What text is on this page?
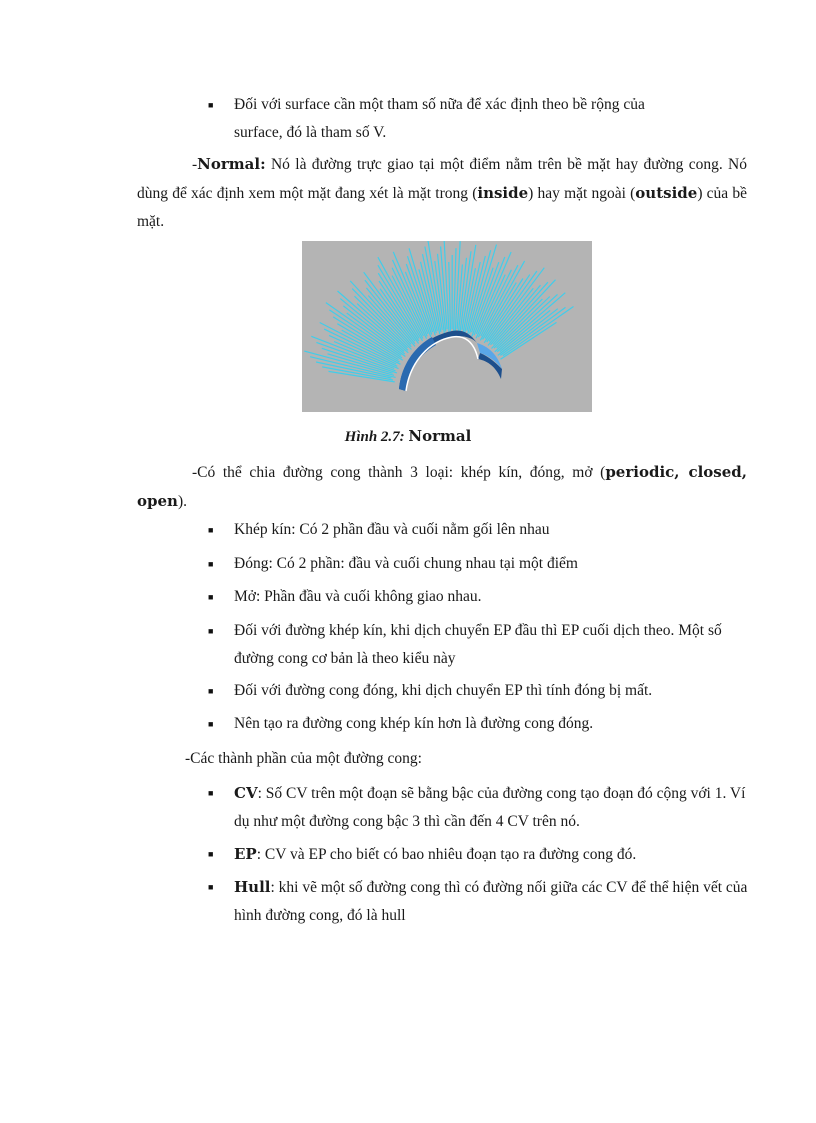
■	Đối với surface cần một tham số nữa để xác định theo bề rộng của
surface, đó là tham số V.
-Normal: Nó là đường trực giao tại một điểm nằm trên bề mặt hay đường cong. Nó dùng để xác định xem một mặt đang xét là mặt trong (inside) hay mặt ngoài (outside) của bề mặt.
Hình 2.7: Normal
-Có thể chia đường cong thành 3 loại: khép kín, đóng, mở (periodic, closed, open).
■	Khép kín: Có 2 phần đầu và cuối nằm gối lên nhau
■	Đóng: Có 2 phần: đầu và cuối chung nhau tại một điểm
■	Mở: Phần đầu và cuối không giao nhau.
■	Đối với đường khép kín, khi dịch chuyển EP đầu thì EP cuối dịch theo. Một số đường cong cơ bản là theo kiểu này
■	Đối với đường cong đóng, khi dịch chuyển EP thì tính đóng bị mất.
■	Nên tạo ra đường cong khép kín hơn là đường cong đóng.
-Các thành phần của một đường cong:
■	CV: Số CV trên một đoạn sẽ bằng bậc của đường cong tạo đoạn đó cộng với 1. Ví dụ như một đường cong bậc 3 thì cần đến 4 CV trên nó.
■	EP: CV và EP cho biết có bao nhiêu đoạn tạo ra đường cong đó.
■	Hull: khi vẽ một số đường cong thì có đường nối giữa các CV để thể hiện vết của hình đường cong, đó là hull
